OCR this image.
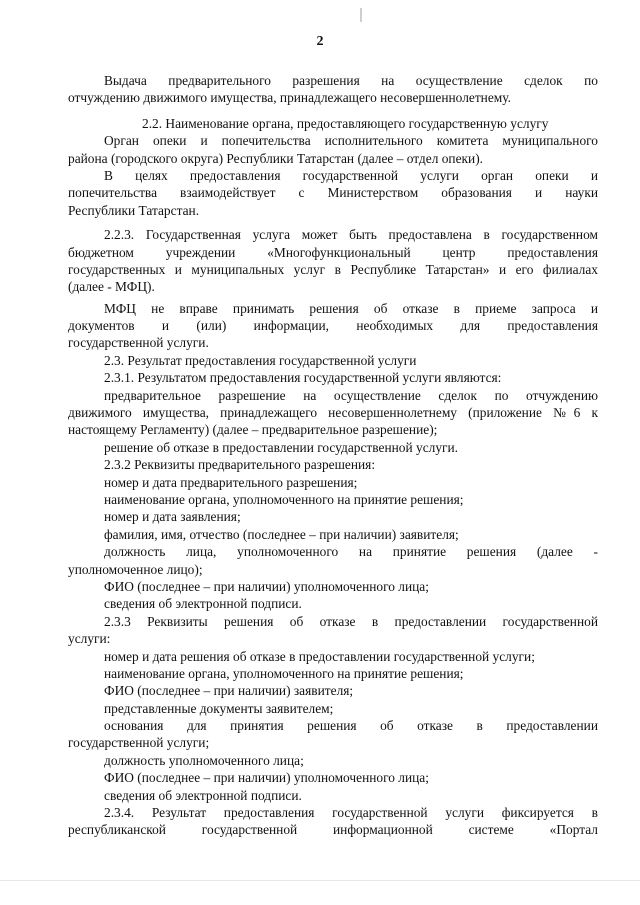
2
Выдача предварительного разрешения на осуществление сделок по
отчуждению движимого имущества, принадлежащего несовершеннолетнему.
2.2. Наименование органа, предоставляющего государственную услугу
Орган опеки и попечительства исполнительного комитета муниципального
района (городского округа) Республики Татарстан (далее – отдел опеки).
В целях предоставления государственной услуги орган опеки и
попечительства взаимодействует с Министерством образования и науки
Республики Татарстан.
2.2.3. Государственная услуга может быть предоставлена в государственном
бюджетном учреждении «Многофункциональный центр предоставления
государственных и муниципальных услуг в Республике Татарстан» и его филиалах
(далее - МФЦ).
МФЦ не вправе принимать решения об отказе в приеме запроса и
документов и (или) информации, необходимых для предоставления
государственной услуги.
2.3. Результат предоставления государственной услуги
2.3.1. Результатом предоставления государственной услуги являются:
предварительное разрешение на осуществление сделок по отчуждению
движимого имущества, принадлежащего несовершеннолетнему (приложение №6 к
настоящему Регламенту) (далее – предварительное разрешение);
решение об отказе в предоставлении государственной услуги.
2.3.2 Реквизиты предварительного разрешения:
номер и дата предварительного разрешения;
наименование органа, уполномоченного на принятие решения;
номер и дата заявления;
фамилия, имя, отчество (последнее – при наличии) заявителя;
должность лица, уполномоченного на принятие решения (далее -
уполномоченное лицо);
ФИО (последнее – при наличии) уполномоченного лица;
сведения об электронной подписи.
2.3.3 Реквизиты решения об отказе в предоставлении государственной
услуги:
номер и дата решения об отказе в предоставлении государственной услуги;
наименование органа, уполномоченного на принятие решения;
ФИО (последнее – при наличии) заявителя;
представленные документы заявителем;
основания для принятия решения об отказе в предоставлении
государственной услуги;
должность уполномоченного лица;
ФИО (последнее – при наличии) уполномоченного лица;
сведения об электронной подписи.
2.3.4. Результат предоставления государственной услуги фиксируется в
республиканской государственной информационной системе «Портал
